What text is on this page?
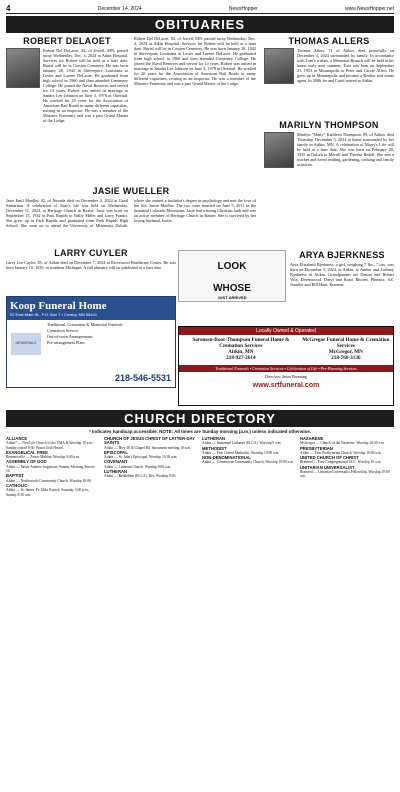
4	December 14, 2024	NewsHopper	www.NewsHopper.net
OBITUARIES
ROBERT DELAOET
Robert Del DeLaoet, 82, of Jewell, MN, passed away Wednesday, Dec. 4, 2024 at Atkin Hospital. Services for Robert will be held at a later date. Burial will be in Carsten Cemetery. He was born January 28, 1942 in Shreveport, Louisiana to Lester and Lorene DeLaoet. He graduated from high school in 1960 and then attended Centenary College. He joined the Naval Reserves and served for 14 years. Robert was united in marriage to Sandra Lee Johnson on June 3, 1978 in Ottertail. He worked for 20 years for the Association of American Rail Roads in many different capacities, retiring as an inspector. He was a member of the Masonic Fraternity and was a past Grand Master of the Lodge.
Robert Del DeLaoet, 82, of Jewell, MN, passed away Wednesday, Dec. 4, 2024 at Atkin Hospital. Services for Robert will be held at a later date. Burial will be in Carsten Cemetery. He was born January 28, 1942 in Shreveport, Louisiana to Lester and Lorene DeLaoet. He graduated from high school in 1960 and then attended Centenary College. He joined the Naval Reserves and served for 14 years. Robert was united in marriage to Sandra Lee Johnson on June 3, 1978 in Ottertail. He worked for 20 years for the Association of American Rail Roads in many different capacities, retiring as an inspector. He was a member of the Masonic Fraternity and was a past Grand Master of the Lodge.
JASIE WUELLER
Jasie Emil Mueller, 92, of Nevada died on December 4, 2024 at Good Samaritan. A celebration of Jasie's life was held on Wednesday, December 11, 2024, at Heritage Church in Baxter. Jasie was born on September 15, 1932 in Park Rapids to Wally Miller and Larry Franks. She grew up in Park Rapids and graduated from Park Rapids High School. She went on to attend the University of Minnesota Duluth, where she earned a bachelor's degree in psychology and met the love of her life, Justin Mueller. The two were married on June 5, 2011 in the beautiful Colorado Mountains. Jasie had a strong Christian faith and was an active member of Heritage Church in Baxter. She is survived by her loving husband, Justin.
LARRY CUYLER
Larry Lee Cuyler, 85, of Aitkin died on December 7, 2024 at Riverwood Healthcare Center. He was born January 10, 1939, in southern Michigan. A full obituary will be published at a later date.
THOMAS ALLERS
Thomas Allers, 71 of Aitkin, died peacefully on December 4, 2024 surrounded by family. In accordance with Tom's wishes, a Memorial Brunch will be held at his home early next summer. Tom was born on September 21, 1953 in Minneapolis to Peter and Carole Allers. He grew up in Minneapolis and became a Realtor real estate agent. In 2006, he and Carol retired to Aitkin.
MARILYN THOMPSON
Marilyn "Marty" Kathleen Thompson, 89, of Aitkin, died Thursday, December 5, 2024 at home surrounded by her family in Aitkin, MN. A celebration of Marty's Life will be held at a later date. She was born on February 20, 1935 in Duluth to Merrill and Theresa Bedell. She was a teacher and loved reading, gardening, cooking and family activities.
ARYA BJERKNESS
Arya Elizabeth Bjerkness, a girl, weighing 7 lbs., 7 ozs. was born on December 5, 2024, in Aitkin, to Amber and Zachary Bjerkness of Aitkin. Grandparents are Denise and Robert Vela, Devenwood; Daryl and Karol Rhoten, Phoenix, AZ. Jennifer and Bill Hunt, Branson.
LOOK
WHOSE
JUST ARRIVED
Koop Funeral Home
32 East Main St., P.O. Box 7 • Crosby, MN 56441
MEMORIALS
Traditional, Cremation & Memorial Funerals
Cremation Service
Out-of-town Arrangements
Pre-arrangement Plans
218-546-5531
Locally Owned & Operated
Sorensen-Root-Thompson Funeral Home & Cremation Services
Aitkin, MN
218-927-2614
McGregor Funeral Home & Cremation Services
McGregor, MN
218-768-3136
Traditional Funerals • Cremation Services • Celebration of Life • Pre-Planning Services
Directors: Jason Brenning
www.srtfuneral.com
CHURCH DIRECTORY
* Indicates handicap accessible. NOTE: All times are Sunday morning (a.m.) unless indicated otherwise.
ALLIANCE

Aitkin* — NewLife Church of the CMA & Worship 10 a.m.; Sunday school 9:30. Pastor Josh Hessel.

EVANGELICAL FREE

Bennettsville — Pastor Mahlon, Worship 9:00 a.m.

ASSEMBLY OF GOD

Aitkin — Pastor Andrew Jorgenson, Sunday Morning Service 10.

BAPTIST

Aitkin — Northwoods Community Church. Worship 10:00.

CATHOLIC

Aitkin — St. James. Fr. Mike Patrick, Saturday 5:00 p.m., Sunday 8:30 a.m.

CHURCH OF JESUS CHRIST OF LATTER-DAY SAINTS

Aitkin — Hwy 18 & Chapel Rd. Sacrament meeting 10 a.m.

EPISCOPAL

Aitkin — St. John's Episcopal. Worship 10:30 a.m.

COVENANT

Aitkin — Lutheran Church. Worship 9:00 a.m.

LUTHERAN

Aitkin — Bethlehem (ELCA). Rev. Worship 9:30.

LUTHERAN

Aitkin — Immanuel Lutheran (ELCA). Worship 9 a.m.

METHODIST

Aitkin — First United Methodist. Worship 10:00 a.m.

NON-DENOMINATIONAL

Aitkin — Cornerstone Community Church, Worship 10:00 a.m.

NAZARENE

McGregor — Church of the Nazarene. Worship 10:30 a.m.

PRESBYTERIAN

Aitkin — First Presbyterian Church. Worship 10:00 a.m.

UNITED CHURCH OF CHRIST

Brainerd — First Congregational UCC. Worship 10 a.m.

UNITARIAN UNIVERSALIST

Brainerd — Unitarian Universalist Fellowship. Worship 10:00 a.m.
